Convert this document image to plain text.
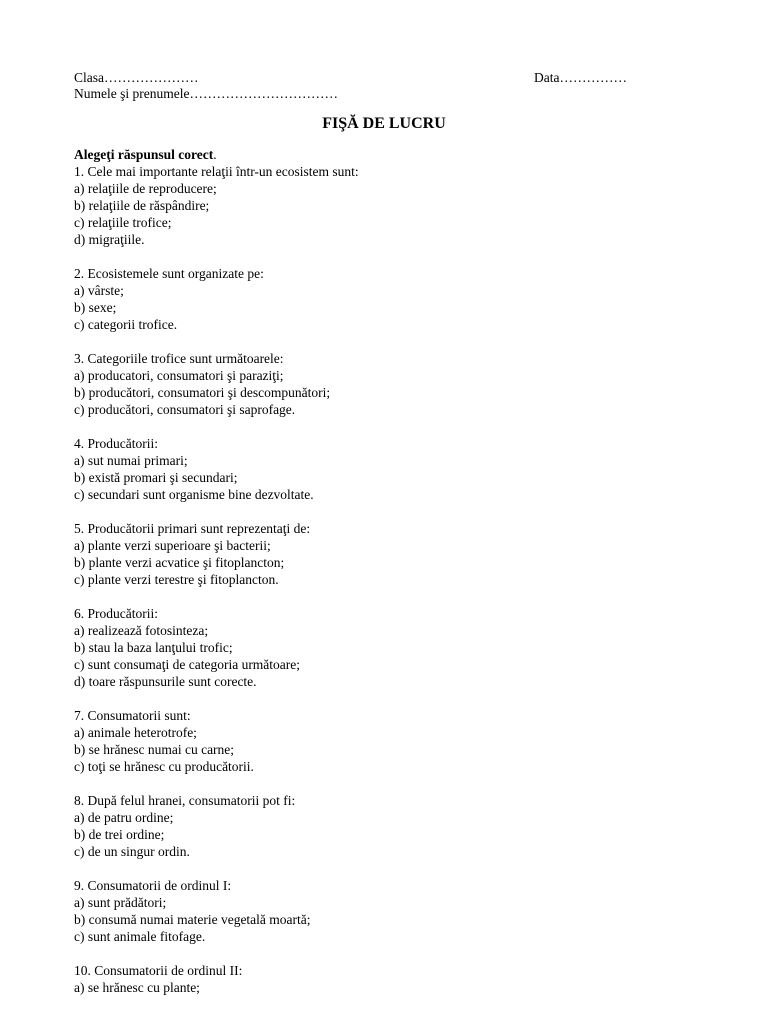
Clasa…………………	Data……………
Numele şi prenumele……………………………
FIŞĂ DE LUCRU
Alegeţi răspunsul corect.
1. Cele mai importante relaţii într-un ecosistem sunt:
a) relaţiile de reproducere;
b) relaţiile de răspândire;
c) relaţiile trofice;
d) migraţiile.
2. Ecosistemele sunt organizate pe:
a) vârste;
b) sexe;
c) categorii trofice.
3. Categoriile trofice sunt următoarele:
a) producatori, consumatori şi paraziţi;
b) producători, consumatori şi descompunători;
c) producători, consumatori şi saprofage.
4. Producătorii:
a) sut numai primari;
b) există promari şi secundari;
c) secundari sunt organisme bine dezvoltate.
5. Producătorii primari sunt reprezentaţi de:
a) plante verzi superioare şi bacterii;
b) plante verzi acvatice şi fitoplancton;
c) plante verzi terestre şi fitoplancton.
6. Producătorii:
a) realizează fotosinteza;
b) stau la baza lanţului trofic;
c) sunt consumaţi de categoria următoare;
d) toare răspunsurile sunt corecte.
7. Consumatorii sunt:
a) animale heterotrofe;
b) se hrănesc numai cu carne;
c) toţi se hrănesc cu producătorii.
8. După felul hranei, consumatorii pot fi:
a) de patru ordine;
b) de trei ordine;
c) de un singur ordin.
9. Consumatorii de ordinul I:
a) sunt prădători;
b) consumă numai materie vegetală moartă;
c) sunt animale fitofage.
10. Consumatorii de ordinul II:
a) se hrănesc cu plante;
